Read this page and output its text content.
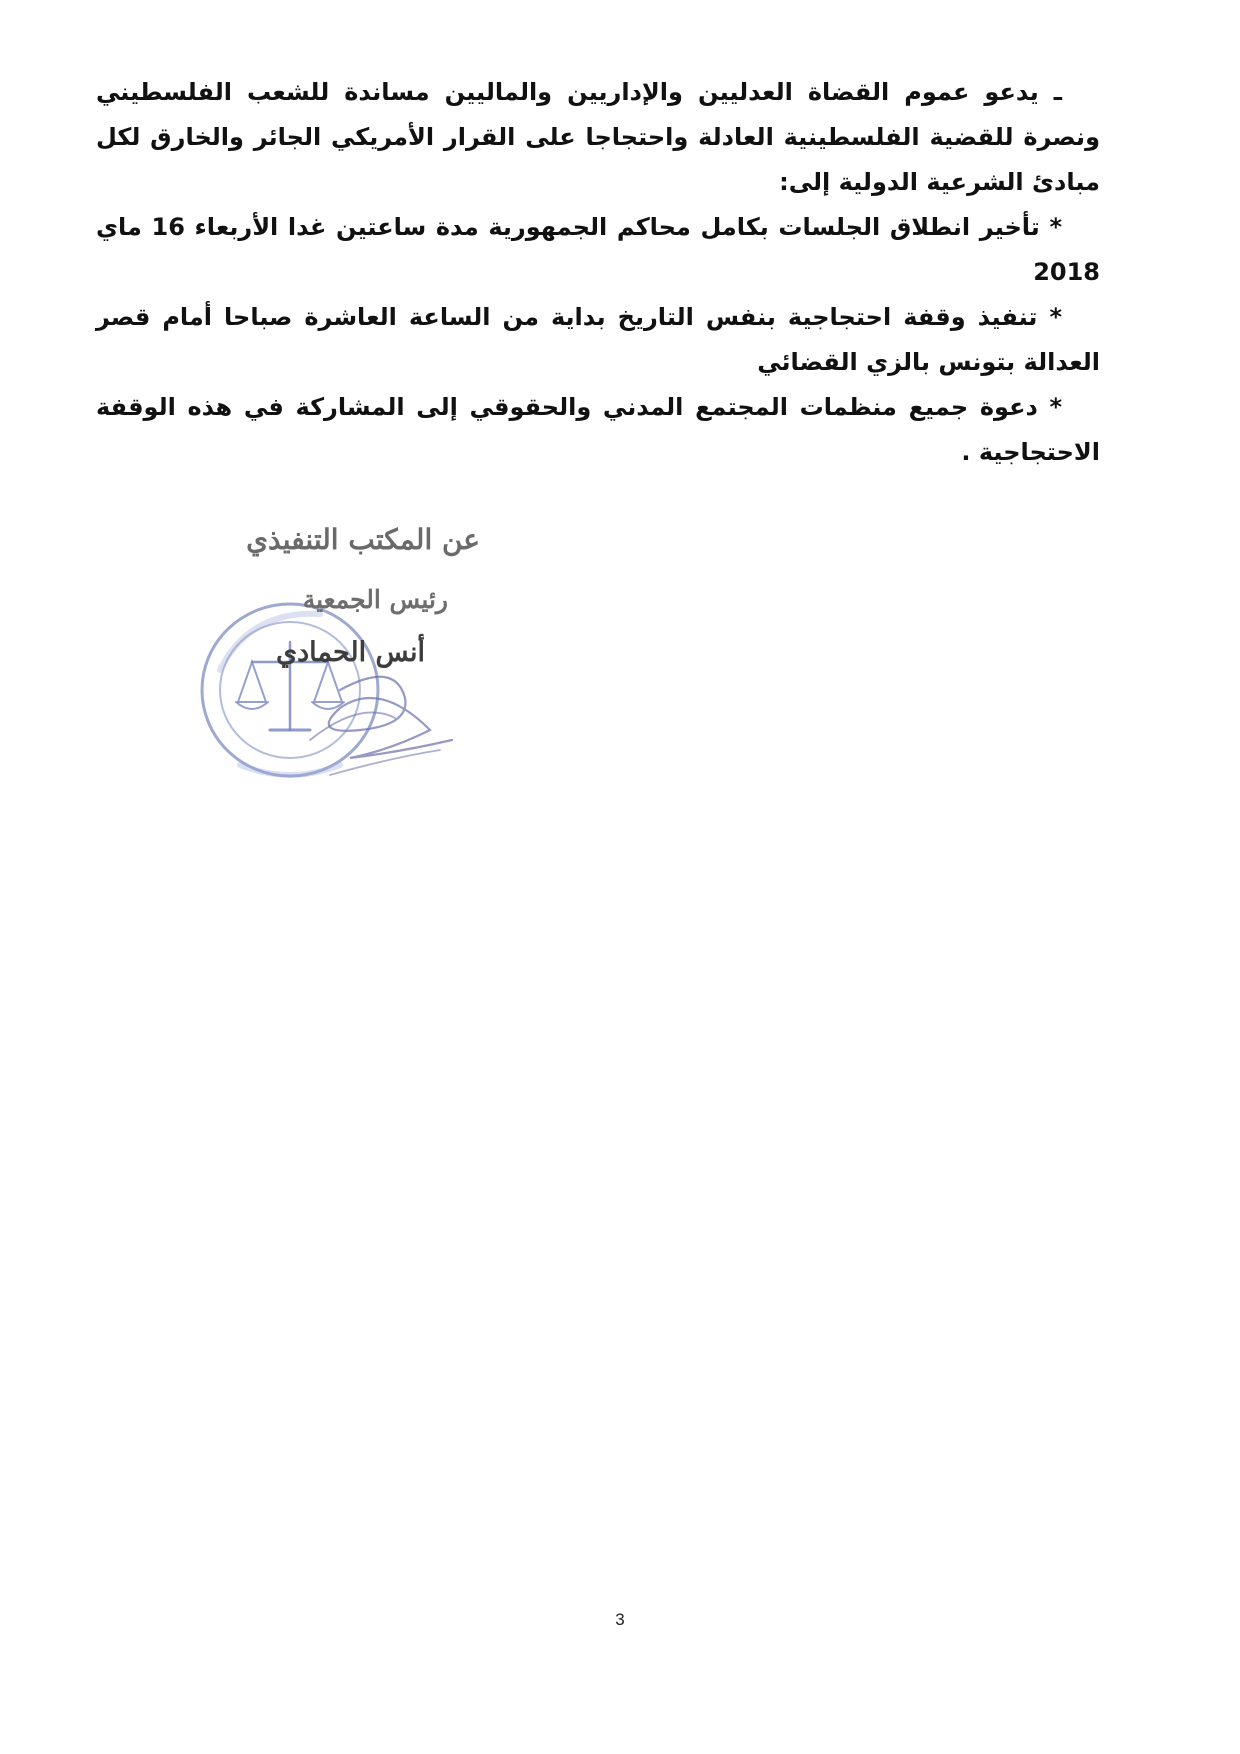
ـ يدعو عموم القضاة العدليين والإداريين والماليين مساندة للشعب الفلسطيني ونصرة للقضية الفلسطينية العادلة واحتجاجا على القرار الأمريكي الجائر والخارق لكل مبادئ الشرعية الدولية إلى:

* تأخير انطلاق الجلسات بكامل محاكم الجمهورية مدة ساعتين غدا الأربعاء 16 ماي 2018

* تنفيذ وقفة احتجاجية بنفس التاريخ بداية من الساعة العاشرة صباحا أمام قصر العدالة بتونس بالزي القضائي

* دعوة جميع منظمات المجتمع المدني والحقوقي إلى المشاركة في هذه الوقفة الاحتجاجية .

عن المكتب التنفيذي
رئيس الجمعية
أنس الحمادي
3
